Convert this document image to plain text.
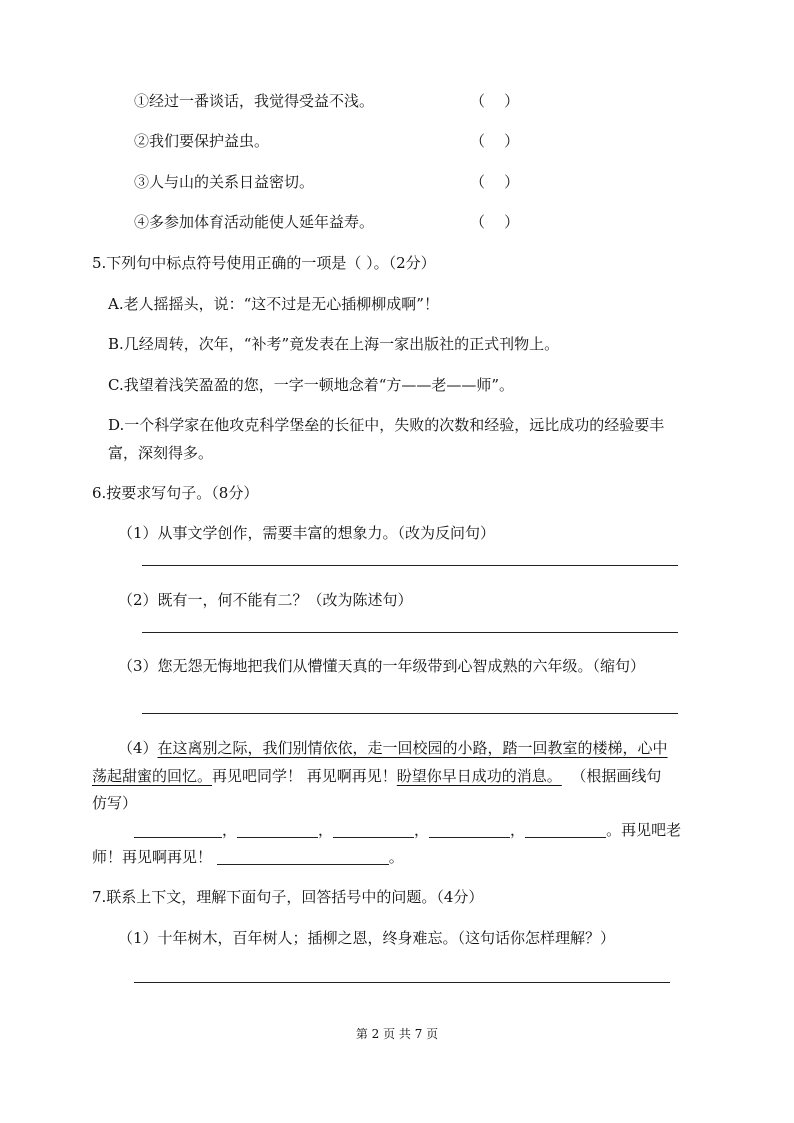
①经过一番谈话，我觉得受益不浅。	（    ）
②我们要保护益虫。	（    ）
③人与山的关系日益密切。	（    ）
④多参加体育活动能使人延年益寿。	（    ）
5.下列句中标点符号使用正确的一项是（ ）。（2分）
A.老人摇摇头，说：“这不过是无心插柳柳成啊”！
B.几经周转，次年，“补考”竟发表在上海一家出版社的正式刊物上。
C.我望着浅笑盈盈的您，一字一顿地念着“方——老——师”。
D.一个科学家在他攻克科学堡垒的长征中，失败的次数和经验，远比成功的经验要丰
富，深刻得多。
6.按要求写句子。（8分）
（1）从事文学创作，需要丰富的想象力。（改为反问句）
（2）既有一，何不能有二？（改为陈述句）
（3）您无怨无悔地把我们从懵懂天真的一年级带到心智成熟的六年级。（缩句）
（4）在这离别之际，我们别情依依，走一回校园的小路，踏一回教室的楼梯，心中
荡起甜蜜的回忆。再见吧同学！ 再见啊再见！盼望你早日成功的消息。 （根据画线句
仿写）
，	，	，	，	。再见吧老
师！再见啊再见！	。
7.联系上下文，理解下面句子，回答括号中的问题。（4分）
（1）十年树木，百年树人；插柳之恩，终身难忘。（这句话你怎样理解？）
第 2 页 共 7 页
